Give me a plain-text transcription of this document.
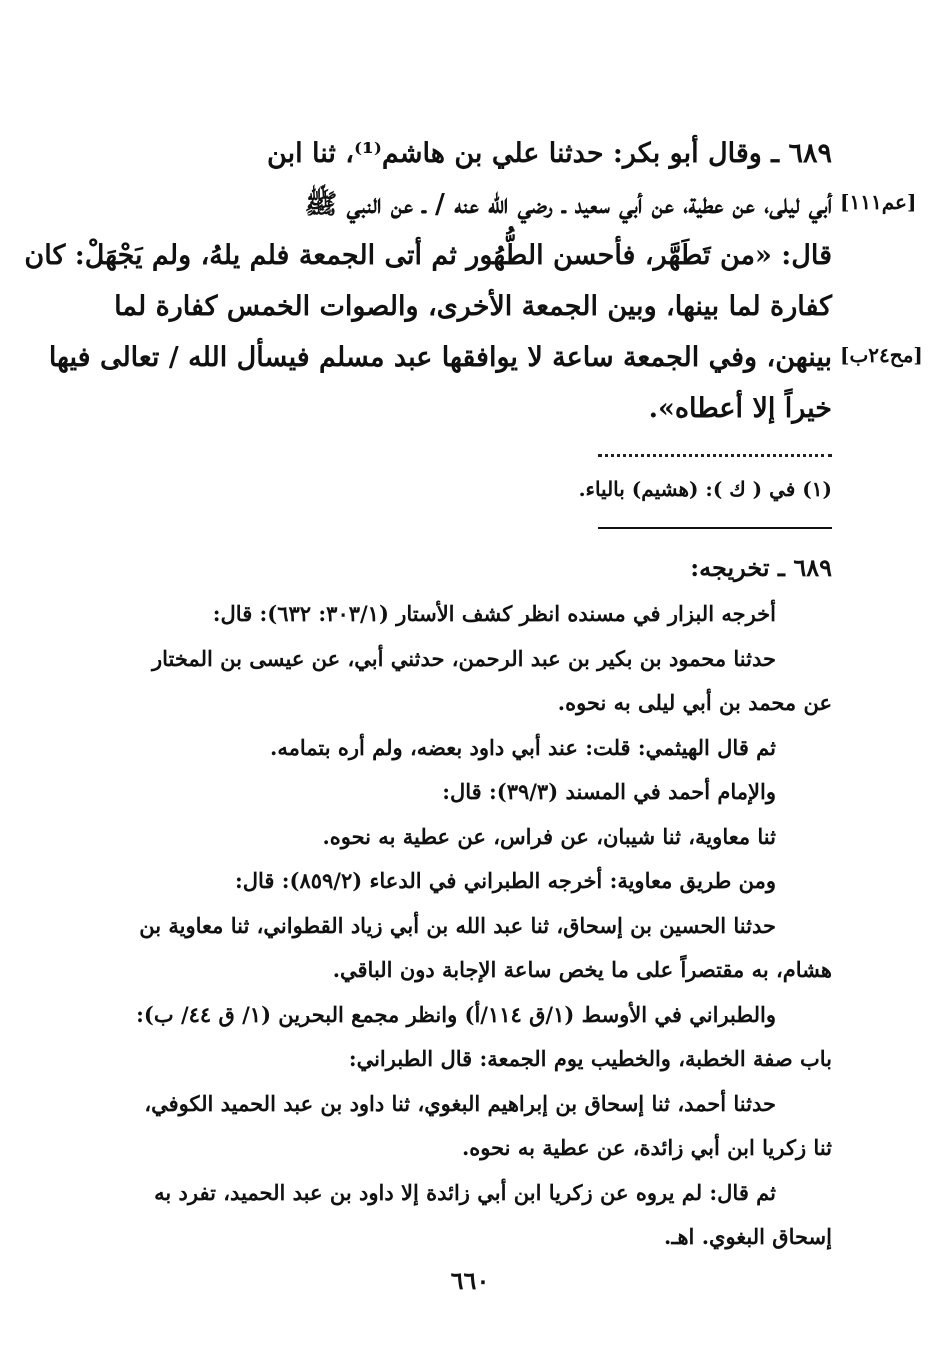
٦٨٩ ـ وقال أبو بكر: حدثنا علي بن هاشم⁽¹⁾، ثنا ابن
أبي ليلى، عن عطية، عن أبي سعيد ـ رضي الله عنه / ـ عن النبي ﷺ
قال: «من تَطَهَّر، فأحسن الطُّهُور ثم أتى الجمعة فلم يلهُ، ولم يَجْهَلْ: كان
كفارة لما بينها، وبين الجمعة الأخرى، والصوات الخمس كفارة لما
بينهن، وفي الجمعة ساعة لا يوافقها عبد مسلم فيسأل الله / تعالى فيها
خيراً إلا أعطاه».
[عم١١١]
[مح٢٤ب]
(١) في ( ك ): (هشيم) بالياء.
٦٨٩ ـ تخريجه:
أخرجه البزار في مسنده انظر كشف الأستار (٣٠٣/١: ٦٣٢): قال:
حدثنا محمود بن بكير بن عبد الرحمن، حدثني أبي، عن عيسى بن المختار
عن محمد بن أبي ليلى به نحوه.
ثم قال الهيثمي: قلت: عند أبي داود بعضه، ولم أره بتمامه.
والإمام أحمد في المسند (٣٩/٣): قال:
ثنا معاوية، ثنا شيبان، عن فراس، عن عطية به نحوه.
ومن طريق معاوية: أخرجه الطبراني في الدعاء (٨٥٩/٢): قال:
حدثنا الحسين بن إسحاق، ثنا عبد الله بن أبي زياد القطواني، ثنا معاوية بن
هشام، به مقتصراً على ما يخص ساعة الإجابة دون الباقي.
والطبراني في الأوسط (١/ق ١١٤/أ) وانظر مجمع البحرين (١/ ق ٤٤/ ب):
باب صفة الخطبة، والخطيب يوم الجمعة: قال الطبراني:
حدثنا أحمد، ثنا إسحاق بن إبراهيم البغوي، ثنا داود بن عبد الحميد الكوفي،
ثنا زكريا ابن أبي زائدة، عن عطية به نحوه.
ثم قال: لم يروه عن زكريا ابن أبي زائدة إلا داود بن عبد الحميد، تفرد به
إسحاق البغوي. اهـ.
٦٦٠
